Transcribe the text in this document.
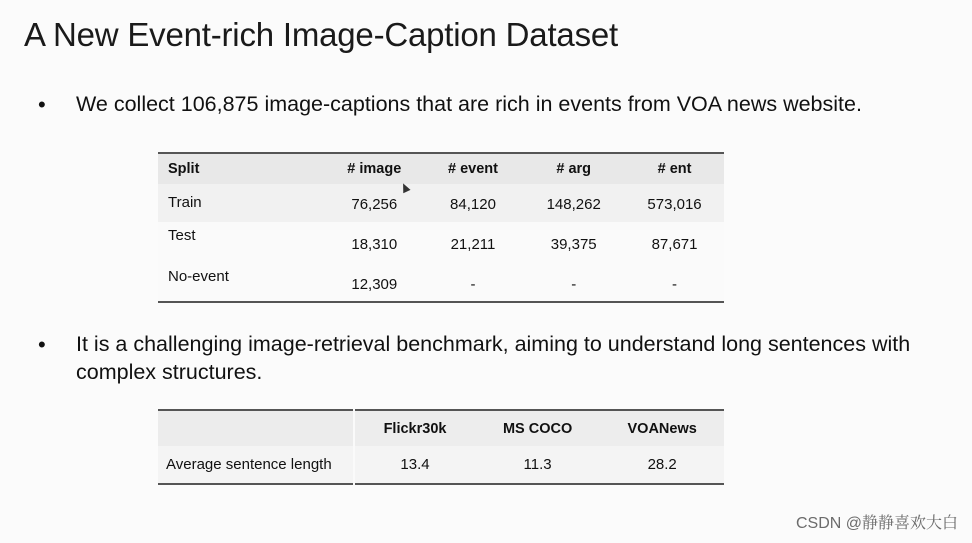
A New Event-rich Image-Caption Dataset
• We collect 106,875 image-captions that are rich in events from VOA news website.
Split	# image	# event	# arg	# ent
Train	76,256	84,120	148,262	573,016
Test	18,310	21,211	39,375	87,671
No-event	12,309	-	-	-
• It is a challenging image-retrieval benchmark, aiming to understand long sentences with complex structures.
	Flickr30k	MS COCO	VOANews
Average sentence length	13.4	11.3	28.2
CSDN @静静喜欢大白
